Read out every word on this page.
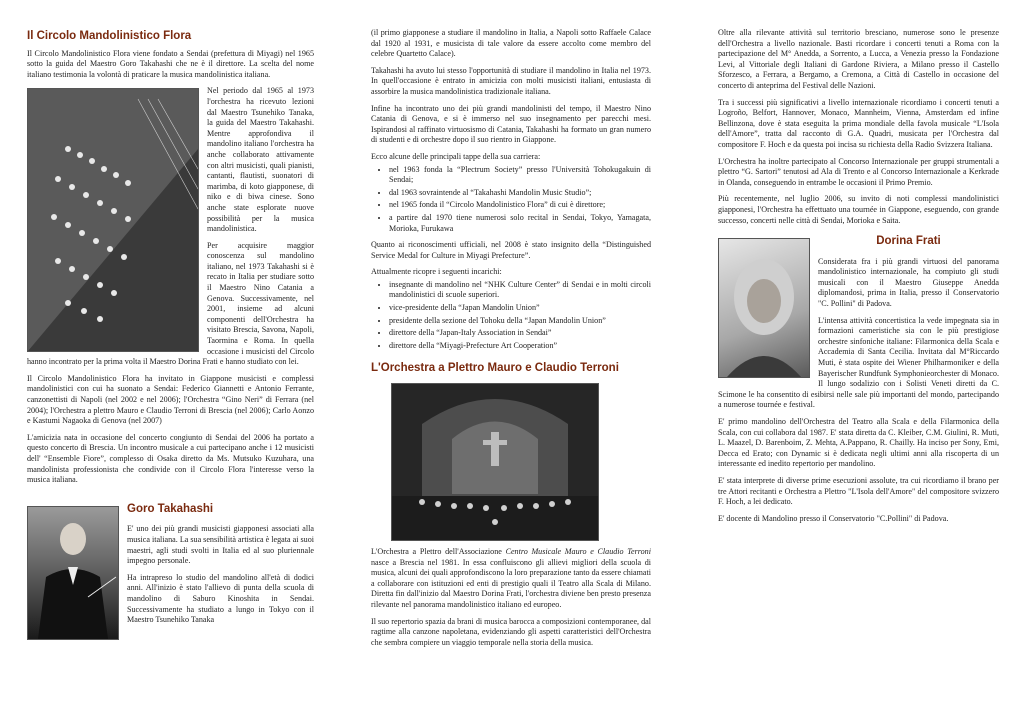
Il Circolo Mandolinistico Flora

Il Circolo Mandolinistico Flora viene fondato a Sendai (prefettura di Miyagi) nel 1965 sotto la guida del Maestro Goro Takahashi che ne è il direttore. La scelta del nome italiano testimonia la volontà di praticare la musica mandolinistica italiana.

Nel periodo dal 1965 al 1973 l'orchestra ha ricevuto lezioni dal Maestro Tsunehiko Tanaka, la guida del Maestro Takahashi. Mentre approfondiva il mandolino italiano l'orchestra ha anche collaborato attivamente con altri musicisti, quali pianisti, cantanti, flautisti, suonatori di marimba, di koto giapponese, di niko e di biwa cinese. Sono anche state esplorate nuove possibilità per la musica mandolinistica.

Per acquisire maggior conoscenza sul mandolino italiano, nel 1973 Takahashi si è recato in Italia per studiare sotto il Maestro Nino Catania a Genova. Successivamente, nel 2001, insieme ad alcuni componenti dell'Orchestra ha visitato Brescia, Savona, Napoli, Taormina e Roma. In quella occasione i musicisti del Circolo hanno incontrato per la prima volta il Maestro Dorina Frati e hanno studiato con lei.

Il Circolo Mandolinistico Flora ha invitato in Giappone musicisti e complessi mandolinistici con cui ha suonato a Sendai: Federico Giannetti e Antonio Ferrante, canzonettisti di Napoli (nel 2002 e nel 2006); l'Orchestra “Gino Neri” di Ferrara (nel 2004); l'Orchestra a plettro Mauro e Claudio Terroni di Brescia (nel 2006); Carlo Aonzo e Kastumi Nagaoka di Genova (nel 2007)

L'amicizia nata in occasione del concerto congiunto di Sendai del 2006 ha portato a questo concerto di Brescia. Un incontro musicale a cui partecipano anche i 12 musicisti dell' “Ensemble Fiore”, complesso di Osaka diretto da Ms. Mutsuko Kuzuhara, una mandolinista professionista che condivide con il Circolo Flora l'interesse verso la musica italiana.

Goro Takahashi

E' uno dei più grandi musicisti giapponesi associati alla musica italiana. La sua sensibilità artistica è legata ai suoi maestri, agli studi svolti in Italia ed al suo pluriennale impegno personale.

Ha intrapreso lo studio del mandolino all'età di dodici anni. All'inizio è stato l'allievo di punta della scuola di mandolino di Saburo Kinoshita in Sendai. Successivamente ha studiato a lungo in Tokyo con il Maestro Tsunehiko Tanaka

(il primo giapponese a studiare il mandolino in Italia, a Napoli sotto Raffaele Calace dal 1920 al 1931, e musicista di tale valore da essere accolto come membro del celebre Quartetto Calace).

Takahashi ha avuto lui stesso l'opportunità di studiare il mandolino in Italia nel 1973. In quell'occasione è entrato in amicizia con molti musicisti italiani, entusiasta di assorbire la musica mandolinistica tradizionale italiana.

Infine ha incontrato uno dei più grandi mandolinisti del tempo, il Maestro Nino Catania di Genova, e si è immerso nel suo insegnamento per parecchi mesi. Ispirandosi al raffinato virtuosismo di Catania, Takahashi ha formato un gran numero di studenti e di orchestre dopo il suo rientro in Giappone.

Ecco alcune delle principali tappe della sua carriera:

• nel 1963 fonda la “Plectrum Society” presso l'Università Tohokugakuin di Sendai;
• dal 1963 sovraintende al “Takahashi Mandolin Music Studio”;
• nel 1965 fonda il “Circolo Mandolinistico Flora” di cui è direttore;
• a partire dal 1970 tiene numerosi solo recital in Sendai, Tokyo, Yamagata, Morioka, Furukawa

Quanto ai riconoscimenti ufficiali, nel 2008 è stato insignito della “Distinguished Service Medal for Culture in Miyagi Prefecture”.

Attualmente ricopre i seguenti incarichi:

• insegnante di mandolino nel “NHK Culture Center” di Sendai e in molti circoli mandolinistici di scuole superiori.
• vice-presidente della “Japan Mandolin Union”
• presidente della sezione del Tohoku della “Japan Mandolin Union”
• direttore della “Japan-Italy Association in Sendai”
• direttore della “Miyagi-Prefecture Art Cooperation”
L'Orchestra a Plettro Mauro e Claudio Terroni

L'Orchestra a Plettro dell'Associazione Centro Musicale Mauro e Claudio Terroni nasce a Brescia nel 1981. In essa confluiscono gli allievi migliori della scuola di musica, alcuni dei quali approfondiscono la loro preparazione tanto da essere chiamati a collaborare con istituzioni ed enti di prestigio quali il Teatro alla Scala di Milano. Diretta fin dall'inizio dal Maestro Dorina Frati, l'orchestra diviene ben presto presenza rilevante nel panorama mandolinistico italiano ed europeo.

Il suo repertorio spazia da brani di musica barocca a composizioni contemporanee, dal ragtime alla canzone napoletana, evidenziando gli aspetti caratteristici dell'Orchestra che sembra compiere un viaggio temporale nella storia della musica.

Oltre alla rilevante attività sul territorio bresciano, numerose sono le presenze dell'Orchestra a livello nazionale. Basti ricordare i concerti tenuti a Roma con la partecipazione del M° Anedda, a Sorrento, a Lucca, a Venezia presso la Fondazione Levi, al Vittoriale degli Italiani di Gardone Riviera, a Milano presso il Castello Sforzesco, a Ferrara, a Bergamo, a Cremona, a Città di Castello in occasione del concerto di anteprima del Festival delle Nazioni.

Tra i successi più significativi a livello internazionale ricordiamo i concerti tenuti a Logroño, Belfort, Hannover, Monaco, Mannheim, Vienna, Amsterdam ed infine Bellinzona, dove è stata eseguita la prima mondiale della favola musicale “L'Isola dell'Amore”, tratta dal racconto di G.A. Quadri, musicata per l'Orchestra dal compositore F. Hoch e da questa poi incisa su richiesta della Radio Svizzera Italiana.

L'Orchestra ha inoltre partecipato al Concorso Internazionale per gruppi strumentali a plettro “G. Sartori” tenutosi ad Ala di Trento e al Concorso Internazionale a Kerkrade in Olanda, conseguendo in entrambe le occasioni il Primo Premio.

Più recentemente, nel luglio 2006, su invito di noti complessi mandolinistici giapponesi, l'Orchestra ha effettuato una tournée in Giappone, eseguendo, con grande successo, concerti nelle città di Sendai, Morioka e Saita.

Dorina Frati

Considerata fra i più grandi virtuosi del panorama mandolinistico internazionale, ha compiuto gli studi musicali con il Maestro Giuseppe Anedda diplomandosi, prima in Italia, presso il Conservatorio "C. Pollini" di Padova.

L'intensa attività concertistica la vede impegnata sia in formazioni cameristiche sia con le più prestigiose orchestre sinfoniche italiane: Filarmonica della Scala e Accademia di Santa Cecilia. Invitata dal M°Riccardo Muti, è stata ospite dei Wiener Philharmoniker e della Bayerischer Rundfunk Symphonieorchester di Monaco. Il lungo sodalizio con i Solisti Veneti diretti da C. Scimone le ha consentito di esibirsi nelle sale più importanti del mondo, partecipando a numerose tournée e festival.

E' primo mandolino dell'Orchestra del Teatro alla Scala e della Filarmonica della Scala, con cui collabora dal 1987. E' stata diretta da C. Kleiber, C.M. Giulini, R. Muti, L. Maazel, D. Barenboim, Z. Mehta, A.Pappano, R. Chailly. Ha inciso per Sony, Emi, Decca ed Erato; con Dynamic si è dedicata negli ultimi anni alla riscoperta di un interessante ed inedito repertorio per mandolino.

E' stata interprete di diverse prime esecuzioni assolute, tra cui ricordiamo il brano per tre Attori recitanti e Orchestra a Plettro "L'Isola dell'Amore" del compositore svizzero F. Hoch, a lei dedicato.

E' docente di Mandolino presso il Conservatorio "C.Pollini" di Padova.
